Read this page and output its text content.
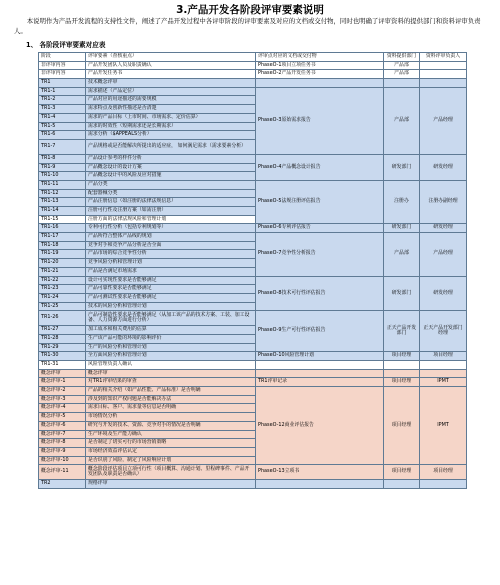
3.产品开发各阶段评审要素说明
本说明作为产品开发流程的支持性文件，阐述了产品开发过程中各评审阶段的评审要素及对应的文档或交付物，同时也明确了评审资料的提供部门和资料评审负责人。
1、 各阶段评审要素对应表
阶段	评审要素（查核重点）	评审点对应的文档或交付物	资料提供部门	资料评审负责人
非评审内容	产品开发团队人员及职责确认	PhaseO-1项目立项任务书	产品部	
非评审内容	产品开发任务书	PhaseO-2产品开发任务书	产品部	
TR1	技术概念评审			
TR1-1	需求描述（产品定位）	PhaseO-3原始需求报告	产品部	产品经理
TR1-2	产品对应的用途描述的需要规模			
TR1-3	需求特点及创新性描述是否清楚			
TR1-4	需求的产品目标（上市时间、市场需求、定价估算）			
TR1-5	需求的时效性（短期需求还是长期需求）			
TR1-6	需求分析（$APPEALS分析）			
TR1-7	产品规格或是否能解决所提出的适应症， 如何满足需求（需求要素分析）			
TR1-8	产品设计参考的样件分析	PhaseO-4产品概念设计报告	研发部门	研发经理
TR1-9	产品概念设计的设计方案			
TR1-10	产品概念设计中的风险及应对措施			
TR1-11	产品分类	PhaseO-5法规注册评估报告	注册办	注册办副经理
TR1-12	配套器械分类			
TR1-13	产品注册信息（如注册的法律法规信息）			
TR1-14	注册可行性及注册方案（如需注册）			
TR1-15	注册方面的法律法规风险和管理计划			
TR1-16	专利可行性分析（包括专利规划等）	PhaseO-6专利评估报告	研发部门	研发经理
TR1-17	产品所符合整体产品线的规划	PhaseO-7竞争性分析报告	产品部	产品经理
TR1-18	竞争对手和竞争产品分析是否全面			
TR1-19	产品市场的综合竞争性分析			
TR1-20	竞争风险分析和管理计划			
TR1-21	产品是否满足市场需求			
TR1-22	设计可实现性要求是否能够满足	PhaseO-8技术可行性评估报告	研发部门	研发经理
TR1-23	产品可靠性要求是否能够满足			
TR1-24	产品可测试性要求是否能够满足			
TR1-25	技术的风险分析和管理计划			
TR1-26	产品可制造性要求是否能够满足（从加工该产品的技术方案、工装、加工设备、人力资源方面进行分析）	PhaseO-9生产可行性评估报告	正天产品开发部门	正天产品开发部门经理
TR1-27	加工成本和相关费用的估算			
TR1-28	生产该产品可能的环境的影响评价			
TR1-29	生产的风险分析和管理计划			
TR1-30	全方面风险分析和管理计划	PhaseO-10风险管理计划	项目经理	项目经理
TR1-31	风险管理负责人确认			
概念评审	概念评审			
概念评审-1	对TR1评审结果的审查	TR1评审记录	项目经理	IPMT
概念评审-2	产品的相关介绍（如产品性能、产品标准）是否明确	PhaseO-12商业评估报告	项目经理	IPMT
概念评审-3	涉及到的知识产权问题是否能解决办法			
概念评审-4	需求目标、客户、需求量等信息是否明确			
概念评审-5	市场情况分析			
概念评审-6	研究与开发的技术、资源、竞争对手的情况是否明确			
概念评审-7	生产环境及生产能力确认			
概念评审-8	是否制定了切实可行的市场营销策略			
概念评审-9	市场经济效益评估认定			
概念评审-10	是否识别了风险，制定了风险响应计划			
概念评审-11	概念阶段评估项目立项可行性（项目概算、沟通计划、里程碑事件、产品开发团队及职责是否确认）	PhaseO-13立项书	项目经理	项目经理
TR2	规格评审			
